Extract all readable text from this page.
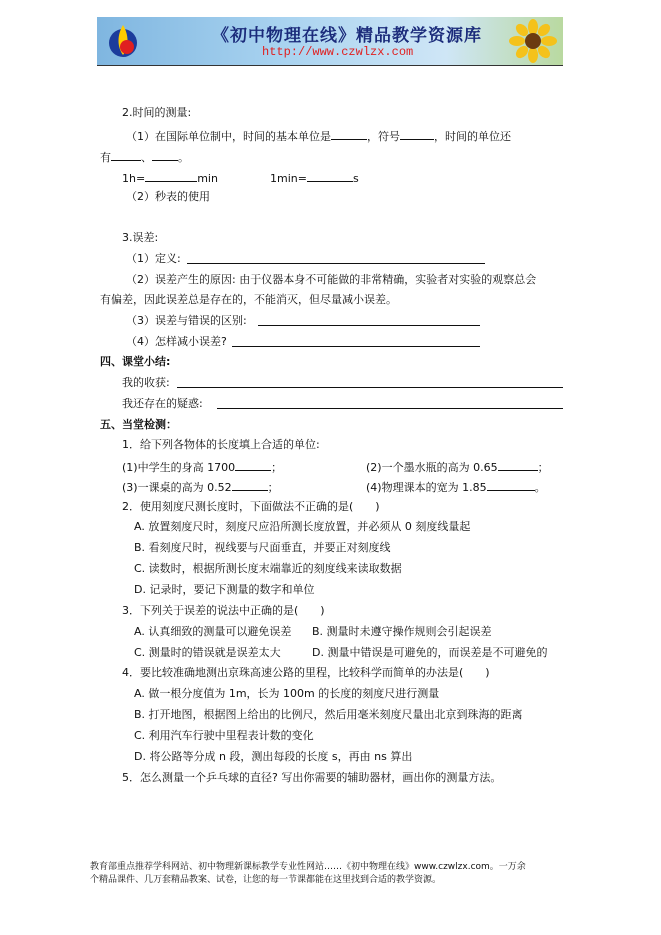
《初中物理在线》精品教学资源库
http://www.czwlzx.com
2.时间的测量:
（1）在国际单位制中，时间的基本单位是	，符号	，时间的单位还
有	、 。
1h=	min	1min=	s
（2）秒表的使用
3.误差:
（1）定义:
（2）误差产生的原因: 由于仪器本身不可能做的非常精确，实验者对实验的观察总会
有偏差，因此误差总是存在的，不能消灭，但尽量减小误差。
（3）误差与错误的区别:
（4）怎样减小误差?
四、课堂小结:
我的收获:
我还存在的疑惑:
五、当堂检测：
1．给下列各物体的长度填上合适的单位:
(1)中学生的身高 1700	；	(2)一个墨水瓶的高为 0.65	；
(3)一课桌的高为 0.52	；	(4)物理课本的宽为 1.85	。
2．使用刻度尺测长度时，下面做法不正确的是(　　)
A. 放置刻度尺时，刻度尺应沿所测长度放置，并必须从 0 刻度线量起
B. 看刻度尺时，视线要与尺面垂直，并要正对刻度线
C. 读数时，根据所测长度末端靠近的刻度线来读取数据
D. 记录时，要记下测量的数字和单位
3．下列关于误差的说法中正确的是(　　)
A. 认真细致的测量可以避免误差 B. 测量时未遵守操作规则会引起误差
C. 测量时的错误就是误差太大	D. 测量中错误是可避免的，而误差是不可避免的
4．要比较准确地测出京珠高速公路的里程，比较科学而简单的办法是(　　)
A. 做一根分度值为 1m，长为 100m 的长度的刻度尺进行测量
B. 打开地图，根据图上给出的比例尺，然后用毫米刻度尺量出北京到珠海的距离
C. 利用汽车行驶中里程表计数的变化
D. 将公路等分成 n 段，测出每段的长度 s，再由 ns 算出
5．怎么测量一个乒乓球的直径? 写出你需要的辅助器材，画出你的测量方法。
教育部重点推荐学科网站、初中物理新课标教学专业性网站……《初中物理在线》www.czwlzx.com。一万余
个精品课件、几万套精品教案、试卷，让您的每一节课都能在这里找到合适的教学资源。
